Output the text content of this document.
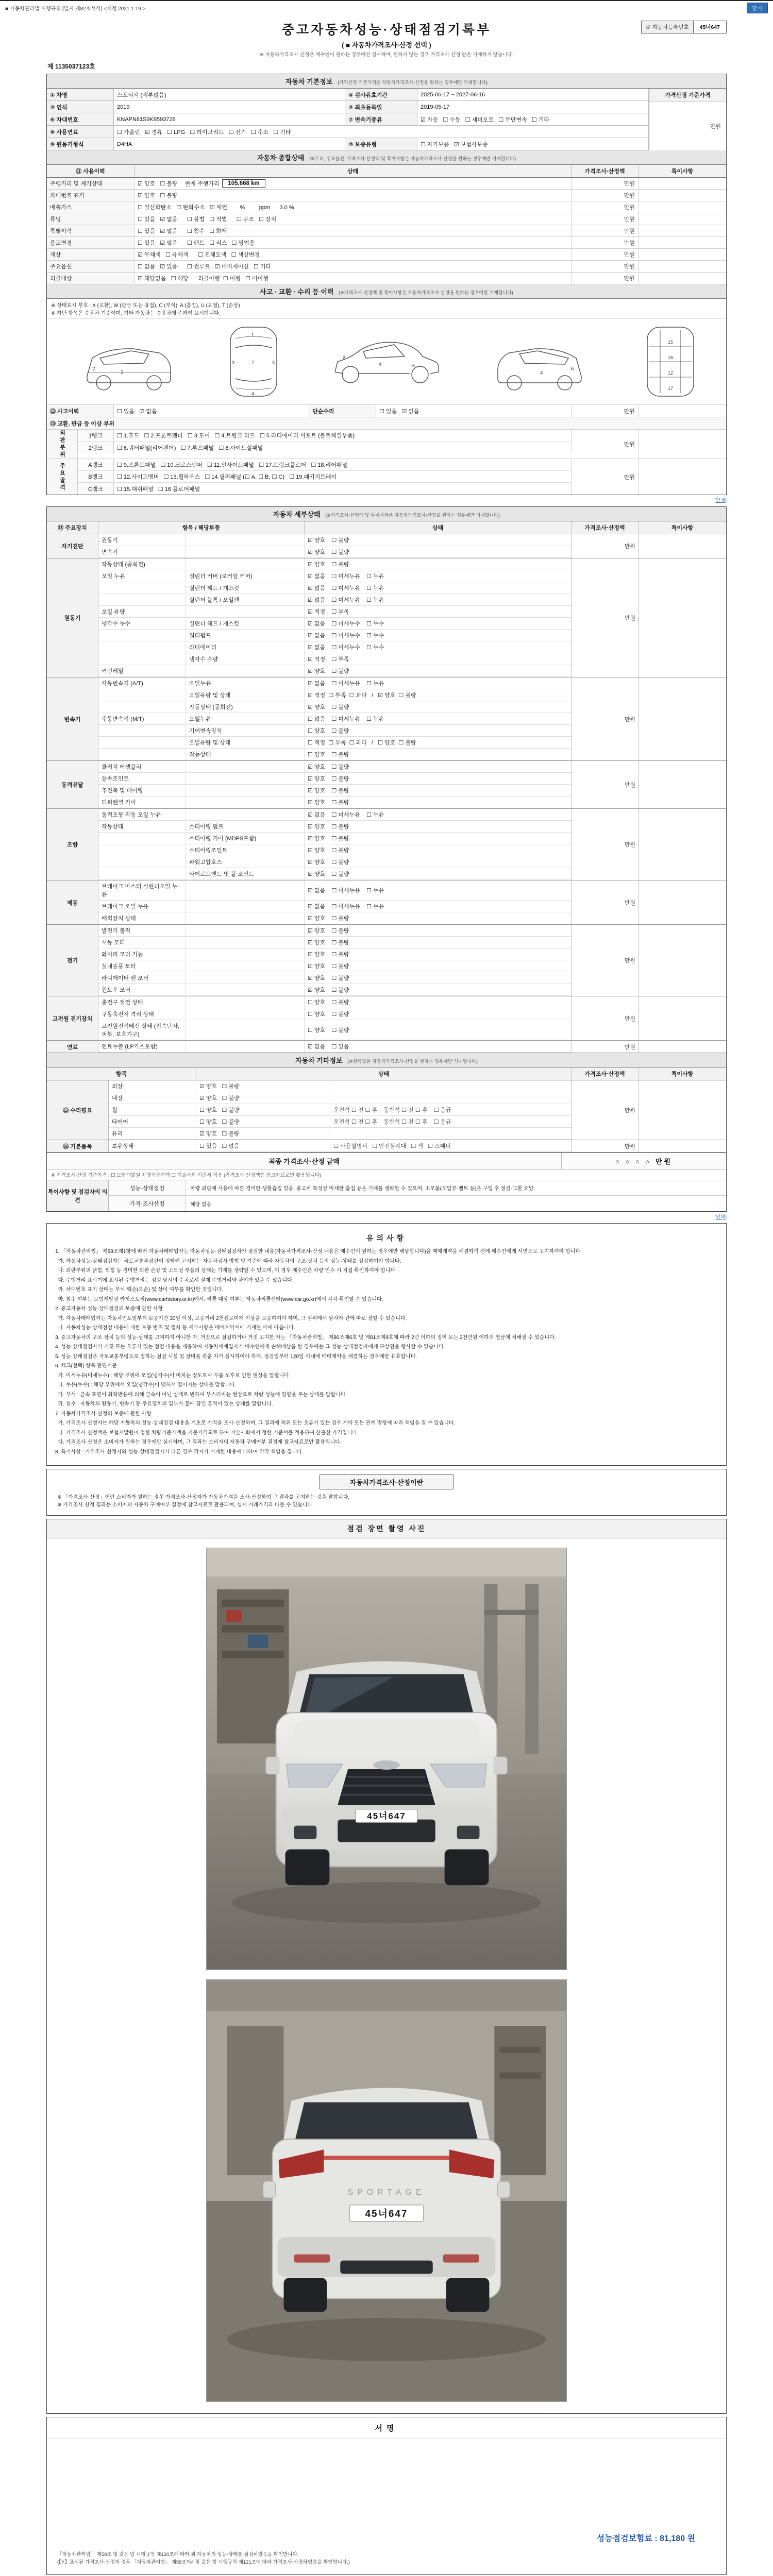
■ 자동차관리법 시행규칙 [별지 제82호서식] <개정 2021.1.19.>	닫기
중고자동차성능·상태점검기록부
( ■ 자동차가격조사·산정 선택 )
※ 자동차가격조사·산정은 매수인이 원하는 경우에만 실시하며, 원하지 않는 경우 가격조사·산정 란은 기재하지 않습니다.
② 자동차등록번호	45너647
제 1135037123호
자동차 기본정보 (가격산정 기준가격은 자동차가격조사·산정을 원하는 경우에만 기재합니다)
① 차명	스포티지 (세부없음)	④ 검사유효기간	2025-06-17 ~ 2027-06-16
③ 연식	2019	⑤ 최초등록일	2019-05-17
⑥ 차대번호	KNAPN81S9K9593728	⑦ 변속기종류	☑ 자동   ☐ 수동   ☐ 세미오토   ☐ 무단변속   ☐ 기타
⑧ 사용연료	☐ 가솔린   ☑ 경유   ☐ LPG   ☐ 하이브리드   ☐ 전기   ☐ 수소   ☐ 기타
⑨ 원동기형식	D4HA	⑩ 보증유형	☐ 자가보증   ☑ 보험사보증
가격산정 기준가격
만원
자동차 종합상태 (※주요, 주요옵션, 가격조사·산정액 및 특이사항은 자동차가격조사·산정을 원하는 경우에만 기재합니다)
⑪ 사용이력	상태	가격조사·산정액	특이사항
주행거리 및 계기상태	☑ 양호   ☐ 불량 현재 주행거리	105,668 km	만원
차대번호 표기	☑ 양호   ☐ 불량	만원
배출가스	☐ 일산화탄소   ☐ 탄화수소   ☑ 매연        %         ppm      3.0 %	만원
튜닝	☐ 있음   ☑ 없음      ☐ 불법   ☐ 적법      ☐ 구조   ☐ 장치	만원
특별이력	☐ 있음   ☑ 없음      ☐ 침수   ☐ 화재	만원
용도변경	☐ 있음   ☑ 없음      ☐ 렌트   ☐ 리스   ☐ 영업용	만원
색상	☑ 무채색   ☐ 유채색      ☐ 전체도색   ☐ 색상변경	만원
주요옵션	☐ 없음   ☑ 있음      ☐ 썬루프   ☑ 네비게이션   ☐ 기타	만원
리콜대상	☑ 해당없음   ☐ 해당      리콜이행  ☐ 이행   ☐ 미이행	만원
사고 · 교환 · 수리 등 이력 (※가격조사·산정액 및 특이사항은 자동차가격조사·산정을 원하는 경우에만 기재합니다)
※ 상태표시 부호 : X (교환), W (판금 또는 용접), C (부식), A (흠집), U (요철), T (손상)
※ 하단 항목은 승용차 기준이며, 기타 자동차는 승용차에 준하여 표시합니다.
1
2
1
7
4
3	3	3
2
6
4
6
15
16
12
17
⑫ 사고이력	☐ 있음   ☑ 없음	단순수리	☐ 있음   ☑ 없음	만원
⑬ 교환, 판금 등 이상 부위
외판부위	1랭크	☐ 1.후드   ☐ 2.프론트펜더   ☐ 3.도어   ☐ 4.트렁크 리드   ☐ 5.라디에이터 서포트 (볼트체결부품)
2랭크	☐ 6.쿼터패널(리어펜더)   ☐ 7.루프패널   ☐ 8.사이드실패널
만원
주요골격	A랭크	☐ 9.프론트패널   ☐ 10.크로스멤버   ☐ 11.인사이드패널   ☐ 17.트렁크플로어   ☐ 18.리어패널
B랭크	☐ 12.사이드멤버   ☐ 13.휠하우스   ☐ 14.필러패널 (☐ A, ☐ B, ☐ C)   ☐ 19.패키지트레이
C랭크	☐ 15.대쉬패널   ☐ 16.플로어패널
만원
[인쇄]
자동차 세부상태 (※가격조사·산정액 및 특이사항은 자동차가격조사·산정을 원하는 경우에만 기재합니다)
⑭ 주요장치	항목 / 해당부품	상태	가격조사·산정액	특이사항
자기진단
원동기	☑ 양호    ☐ 불량
변속기	☑ 양호    ☐ 불량
만원
원동기
작동상태 (공회전)	☑ 양호    ☐ 불량
오일 누유	실린더 커버 (로커암 커버)	☑ 없음    ☐ 미세누유    ☐ 누유
실린더 헤드 / 개스킷	☑ 없음    ☐ 미세누유    ☐ 누유
실린더 블록 / 오일팬	☑ 없음    ☐ 미세누유    ☐ 누유
오일 유량	☑ 적정    ☐ 부족
냉각수 누수	실린더 헤드 / 개스킷	☑ 없음    ☐ 미세누수    ☐ 누수
워터펌프	☑ 없음    ☐ 미세누수    ☐ 누수
라디에이터	☑ 없음    ☐ 미세누수    ☐ 누수
냉각수 수량	☑ 적정    ☐ 부족
커먼레일	☑ 양호    ☐ 불량
만원
변속기
자동변속기 (A/T)	오일누유	☑ 없음    ☐ 미세누유    ☐ 누유
오일유량 및 상태	☑ 적정  ☐ 부족  ☐ 과다   /   ☑ 양호  ☐ 불량
작동상태 (공회전)	☑ 양호    ☐ 불량
수동변속기 (M/T)	오일누유	☐ 없음    ☐ 미세누유    ☐ 누유
기어변속장치	☐ 양호    ☐ 불량
오일유량 및 상태	☐ 적정  ☐ 부족  ☐ 과다   /   ☐ 양호  ☐ 불량
작동상태	☐ 양호    ☐ 불량
만원
동력전달
클러치 어셈블리	☑ 양호    ☐ 불량
등속조인트	☑ 양호    ☐ 불량
추진축 및 베어링	☑ 양호    ☐ 불량
디퍼렌셜 기어	☑ 양호    ☐ 불량
만원
조향
동력조향 작동 오일 누유	☑ 없음    ☐ 미세누유    ☐ 누유
작동상태	스티어링 펌프	☑ 양호    ☐ 불량
스티어링 기어 (MDPS포함)	☑ 양호    ☐ 불량
스티어링조인트	☑ 양호    ☐ 불량
파워고압호스	☑ 양호    ☐ 불량
타이로드엔드 및 볼 조인트	☑ 양호    ☐ 불량
만원
제동
브레이크 마스터 실린더오일 누유
☑ 없음    ☐ 미세누유    ☐ 누유
브레이크 오일 누유	☑ 없음    ☐ 미세누유    ☐ 누유
배력장치 상태	☑ 양호    ☐ 불량
만원
전기
발전기 출력	☑ 양호    ☐ 불량
시동 모터	☑ 양호    ☐ 불량
와이퍼 모터 기능	☑ 양호    ☐ 불량
실내송풍 모터	☑ 양호    ☐ 불량
라디에이터 팬 모터	☑ 양호    ☐ 불량
윈도우 모터	☑ 양호    ☐ 불량
만원
고전원 전기장치
충전구 절연 상태	☐ 양호    ☐ 불량
구동축전지 격리 상태	☐ 양호    ☐ 불량
고전원전기배선 상태 (접속단자, 피복, 보호기구)
☐ 양호    ☐ 불량
만원
연료	연료누출 (LP가스포함)	☑ 없음    ☐ 있음	만원
자동차 기타정보 (※항목값은 자동차가격조사·산정을 원하는 경우에만 기재합니다)
항목	상태	가격조사·산정액	특이사항
⑮ 수리필요
외장	☑ 양호   ☐ 불량
내장	☑ 양호   ☐ 불량
휠	☐ 양호   ☐ 불량	운전석 ☐ 전 ☐ 후    동반석 ☐ 전 ☐ 후    ☐ 응급
타이어	☐ 양호   ☐ 불량	운전석 ☐ 전 ☐ 후    동반석 ☐ 전 ☐ 후    ☐ 응급
유리	☑ 양호   ☐ 불량
만원
⑯ 기본품목	보유상태	☐ 있음   ☐ 없음	☐ 사용설명서   ☐ 안전삼각대   ☐ 잭   ☐ 스패너	만원
최종 가격조사·산정 금액	○ ○ ○ ○ 만원
※ 가격조사·산정 기준가격 : ☐ 보험개발원 차량기준가액 ☐ 기술사회 기준서 적용 (가격조사·산정액은 참고자료로만 활용됩니다)
특이사항 및 점검자의 의견
성능·상태점검	차량 외판에 사용에 따른 경미한 생활흠집 있음. 중고차 특성상 미세한 흠집 등은 기재를 생략할 수 있으며, 소모품(오일류·벨트 등)은 구입 후 점검·교환 요망.
가격·조사산정	해당 없음
[인쇄]
유의사항

1. 「자동차관리법」 제58조제1항에 따라 자동차매매업자는 자동차성능·상태점검자가 점검한 내용(자동차가격조사·산정 내용은 매수인이 원하는 경우에만 해당합니다)을 매매계약을 체결하기 전에 매수인에게 서면으로 고지하여야 합니다.

가. 자동차성능·상태점검자는 국토교통부장관이 정하여 고시하는 자동차검사 방법 및 기준에 따라 자동차의 구조·장치 등의 성능·상태를 점검하여야 합니다.

나. 외판부위의 긁힘, 찍힘 등 경미한 외관 손상 및 소모성 부품의 상태는 기재를 생략할 수 있으며, 이 경우 매수인은 차량 인수 시 직접 확인하여야 합니다.

다. 주행거리 표시기에 표시된 주행거리는 점검 당시의 수치로서 실제 주행거리와 차이가 있을 수 있습니다.

라. 차대번호 표기 상태는 부식·훼손(오손) 및 상이 여부를 확인한 것입니다.

마. 침수 여부는 보험개발원 카히스토리(www.carhistory.or.kr)에서, 리콜 대상 여부는 자동차리콜센터(www.car.go.kr)에서 각각 확인할 수 있습니다.

2. 중고자동차 성능·상태점검의 보증에 관한 사항

가. 자동차매매업자는 자동차인도일부터 보증기간 30일 이상, 보증거리 2천킬로미터 이상을 보증하여야 하며, 그 범위에서 당사자 간에 따로 정할 수 있습니다.

나. 자동차성능·상태점검 내용에 대한 보증 범위 및 절차 등 세부사항은 매매계약서에 기재된 바에 따릅니다.

3. 중고자동차의 구조·장치 등의 성능·상태를 고지하지 아니한 자, 거짓으로 점검하거나 거짓 고지한 자는 「자동차관리법」 제80조제6호 및 제81조제9호에 따라 2년 이하의 징역 또는 2천만원 이하의 벌금에 처해질 수 있습니다.

4. 성능·상태점검자가 거짓 또는 오류가 있는 점검 내용을 제공하여 자동차매매업자가 매수인에게 손해배상을 한 경우에는 그 성능·상태점검자에게 구상권을 행사할 수 있습니다.

5. 성능·상태점검은 국토교통부령으로 정하는 점검 시설 및 장비를 갖춘 자가 실시하여야 하며, 점검일부터 120일 이내에 매매계약을 체결하는 경우에만 유효합니다.

6. 체크(선택) 항목 판단기준

가. 미세누유(미세누수) : 해당 부위에 오일(냉각수)이 비치는 정도로서 부품 노후로 인한 현상을 말합니다.

나. 누유(누수) : 해당 부위에서 오일(냉각수)이 맺혀서 떨어지는 상태를 말합니다.

다. 부식 : 금속 표면이 화학반응에 의해 금속이 아닌 상태로 변하여 부스러지는 현상으로 차량 성능에 영향을 주는 상태를 말합니다.

라. 침수 : 자동차의 원동기, 변속기 등 주요장치의 일부가 물에 잠긴 흔적이 있는 상태를 말합니다.

7. 자동차가격조사·산정의 보증에 관한 사항

가. 가격조사·산정자는 해당 자동차의 성능·상태점검 내용을 기초로 가격을 조사·산정하며, 그 결과에 허위 또는 오류가 있는 경우 계약 또는 관계 법령에 따라 책임을 질 수 있습니다.

나. 가격조사·산정액은 보험개발원이 정한 차량기준가액을 기준가격으로 하여 기술사회에서 정한 기준서를 적용하여 산출한 가격입니다.

다. 가격조사·산정은 소비자가 원하는 경우에만 실시하며, 그 결과는 소비자의 자동차 구매여부 결정에 참고자료로만 활용됩니다.

8. 특기사항 : 가격조사·산정자와 성능·상태점검자가 다른 경우 각자가 기재한 내용에 대하여 각각 책임을 집니다.

자동차가격조사·산정이란
※ 「가격조사·산정」이란 소비자가 원하는 경우 가격조사·산정자가 자동차가격을 조사·산정하여 그 결과를 고지하는 것을 말합니다.
※ 가격조사·산정 결과는 소비자의 자동차 구매여부 결정에 참고자료로 활용되며, 실제 거래가격과 다를 수 있습니다.
점검 장면 촬영 사진
45너647
SPORTAGE
45너647
서명
성능점검보험료 : 81,180 원
「자동차관리법」 제58조 및 같은 법 시행규칙 제120조에 따라 위 자동차의 성능·상태를 점검하였음을 확인합니다.
(【Y】표시된 가격조사·산정의 경우 「자동차관리법」 제58조의4 및 같은 법 시행규칙 제121조에 따라 가격조사·산정하였음을 확인합니다.)
